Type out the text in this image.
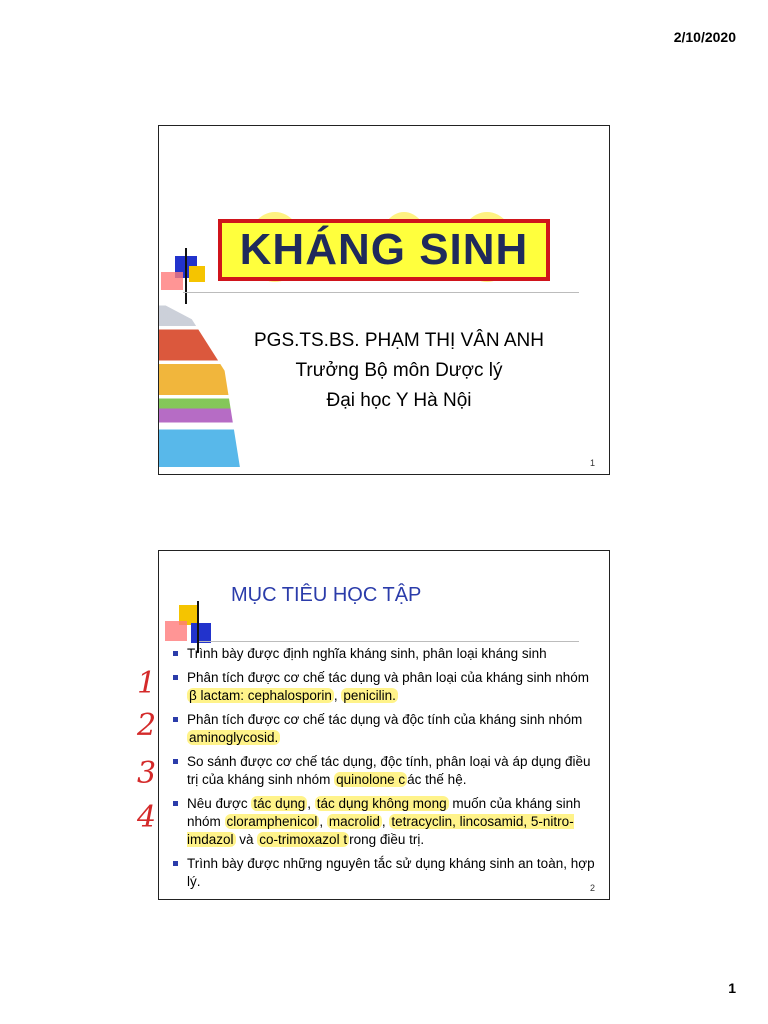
2/10/2020
KHÁNG SINH
PGS.TS.BS. PHẠM THỊ VÂN ANH
Trưởng Bộ môn Dược lý
Đại học Y Hà Nội
1
MỤC TIÊU HỌC TẬP
Trình bày được định nghĩa kháng sinh, phân loại kháng sinh
Phân tích được cơ chế tác dụng và phân loại của kháng sinh nhóm β lactam: cephalosporin , penicilin.
Phân tích được cơ chế tác dụng và độc tính của kháng sinh nhóm aminoglycosid.
So sánh được cơ chế tác dụng, độc tính, phân loại và áp dụng điều trị của kháng sinh nhóm quinolone c ác thế hệ.
Nêu được tác dụng , tác dụng không mong muốn của kháng sinh nhóm cloramphenicol , macrolid , tetracyclin, lincosamid, 5-nitro-imdazol và co-trimoxazol t rong điều trị.
Trình bày được những nguyên tắc sử dụng kháng sinh an toàn, hợp lý.	2
1
2
3
4
1
